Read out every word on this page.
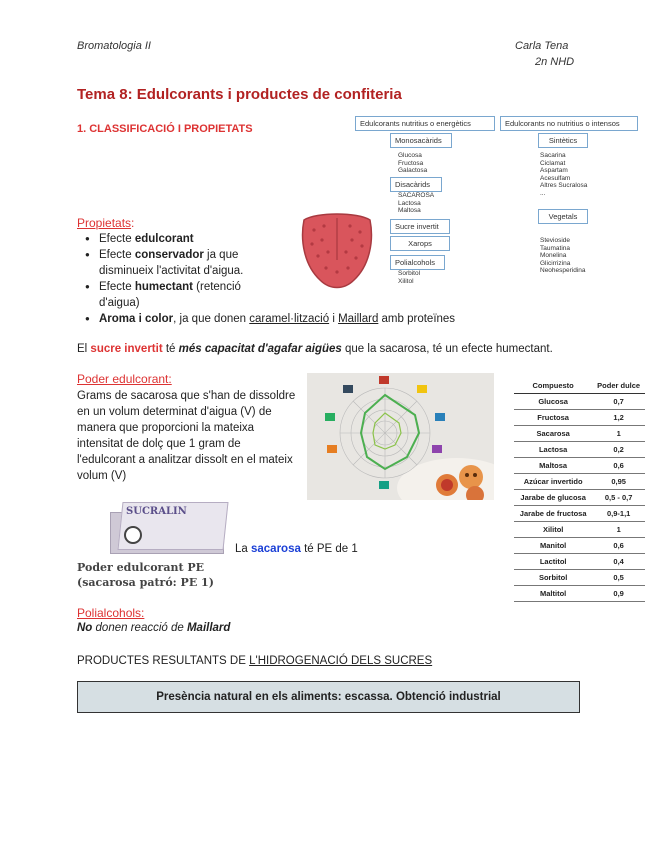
Bromatologia II	Carla Tena
2n NHD
Tema 8: Edulcorants i productes de confiteria
1. CLASSIFICACIÓ I PROPIETATS	Edulcorants nutritius o energètics	Edulcorants no nutritius o intensos
Monosacàrids
Glucosa
Fructosa
Galactosa
Disacàrids
SACAROSA
Lactosa
Maltosa
Sucre invertit
Xarops
Polialcohols
Sorbitol
Xilitol
Sintètics
Sacarina
Ciclamat
Aspartam
Acesulfam
Altres Sucralosa
...
Vegetals
Stevioside
Taumatina
Monelina
Glicirrizina
Neohesperidina
Propietats:
● Efecte edulcorant
● Efecte conservador ja que
disminueix l'activitat d'aigua.
● Efecte humectant (retenció
d'aigua)
● Aroma i color, ja que donen caramel·lització i Maillard amb proteïnes
El sucre invertit té més capacitat d'agafar aigües que la sacarosa, té un efecte humectant.
Poder edulcorant:
Grams de sacarosa que s'han de dissoldre en un volum determinat d'aigua (V) de manera que proporcioni la mateixa intensitat de dolç que 1 gram de l'edulcorant a analitzar dissolt en el mateix volum (V)
Compuesto	Poder dulce
Glucosa	0,7
Fructosa	1,2
Sacarosa	1
Lactosa	0,2
Maltosa	0,6
Azúcar invertido	0,95
Jarabe de glucosa	0,5 - 0,7
Jarabe de fructosa	0,9-1,1
Xilitol	1
Manitol	0,6
Lactitol	0,4
Sorbitol	0,5
Maltitol	0,9
SUCRALIN
La sacarosa té PE de 1
Poder edulcorant PE
(sacarosa patró: PE 1)
Polialcohols:
No donen reacció de Maillard
PRODUCTES RESULTANTS DE L'HIDROGENACIÓ DELS SUCRES
Presència natural en els aliments: escassa. Obtenció industrial
